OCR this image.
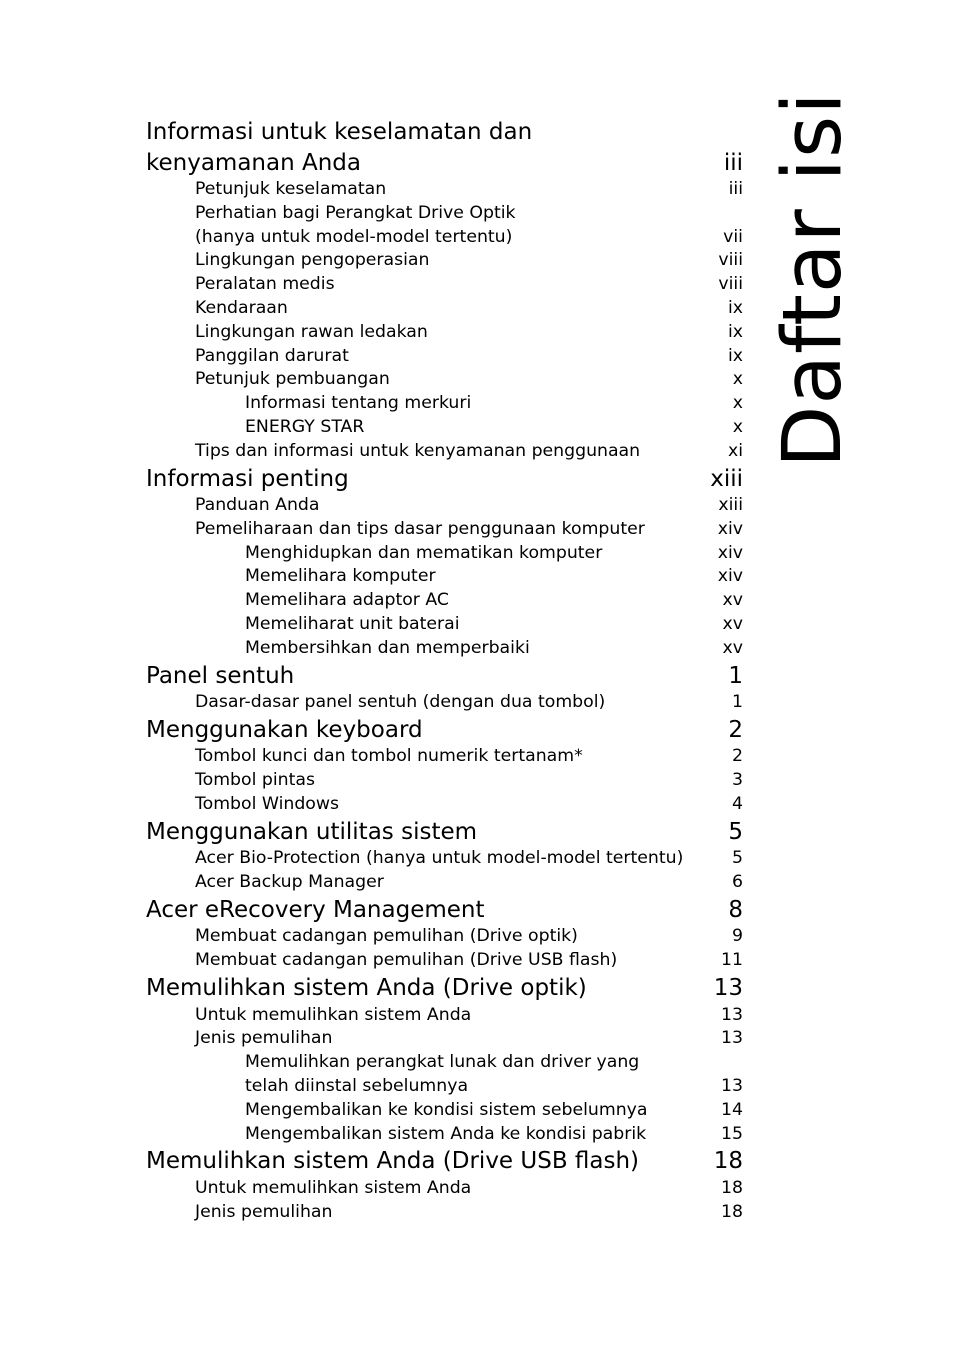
Daftar isi
Informasi untuk keselamatan dan
kenyamanan Anda	iii
Petunjuk keselamatan	iii
Perhatian bagi Perangkat Drive Optik
(hanya untuk model-model tertentu)	vii
Lingkungan pengoperasian	viii
Peralatan medis	viii
Kendaraan	ix
Lingkungan rawan ledakan	ix
Panggilan darurat	ix
Petunjuk pembuangan	x
Informasi tentang merkuri	x
ENERGY STAR	x
Tips dan informasi untuk kenyamanan penggunaan	xi
Informasi penting	xiii
Panduan Anda	xiii
Pemeliharaan dan tips dasar penggunaan komputer	xiv
Menghidupkan dan mematikan komputer	xiv
Memelihara komputer	xiv
Memelihara adaptor AC	xv
Memeliharat unit baterai	xv
Membersihkan dan memperbaiki	xv
Panel sentuh	1
Dasar-dasar panel sentuh (dengan dua tombol)	1
Menggunakan keyboard	2
Tombol kunci dan tombol numerik tertanam*	2
Tombol pintas	3
Tombol Windows	4
Menggunakan utilitas sistem	5
Acer Bio-Protection (hanya untuk model-model tertentu)	5
Acer Backup Manager	6
Acer eRecovery Management	8
Membuat cadangan pemulihan (Drive optik)	9
Membuat cadangan pemulihan (Drive USB flash)	11
Memulihkan sistem Anda (Drive optik)	13
Untuk memulihkan sistem Anda	13
Jenis pemulihan	13
Memulihkan perangkat lunak dan driver yang
telah diinstal sebelumnya	13
Mengembalikan ke kondisi sistem sebelumnya	14
Mengembalikan sistem Anda ke kondisi pabrik	15
Memulihkan sistem Anda (Drive USB flash)	18
Untuk memulihkan sistem Anda	18
Jenis pemulihan	18
